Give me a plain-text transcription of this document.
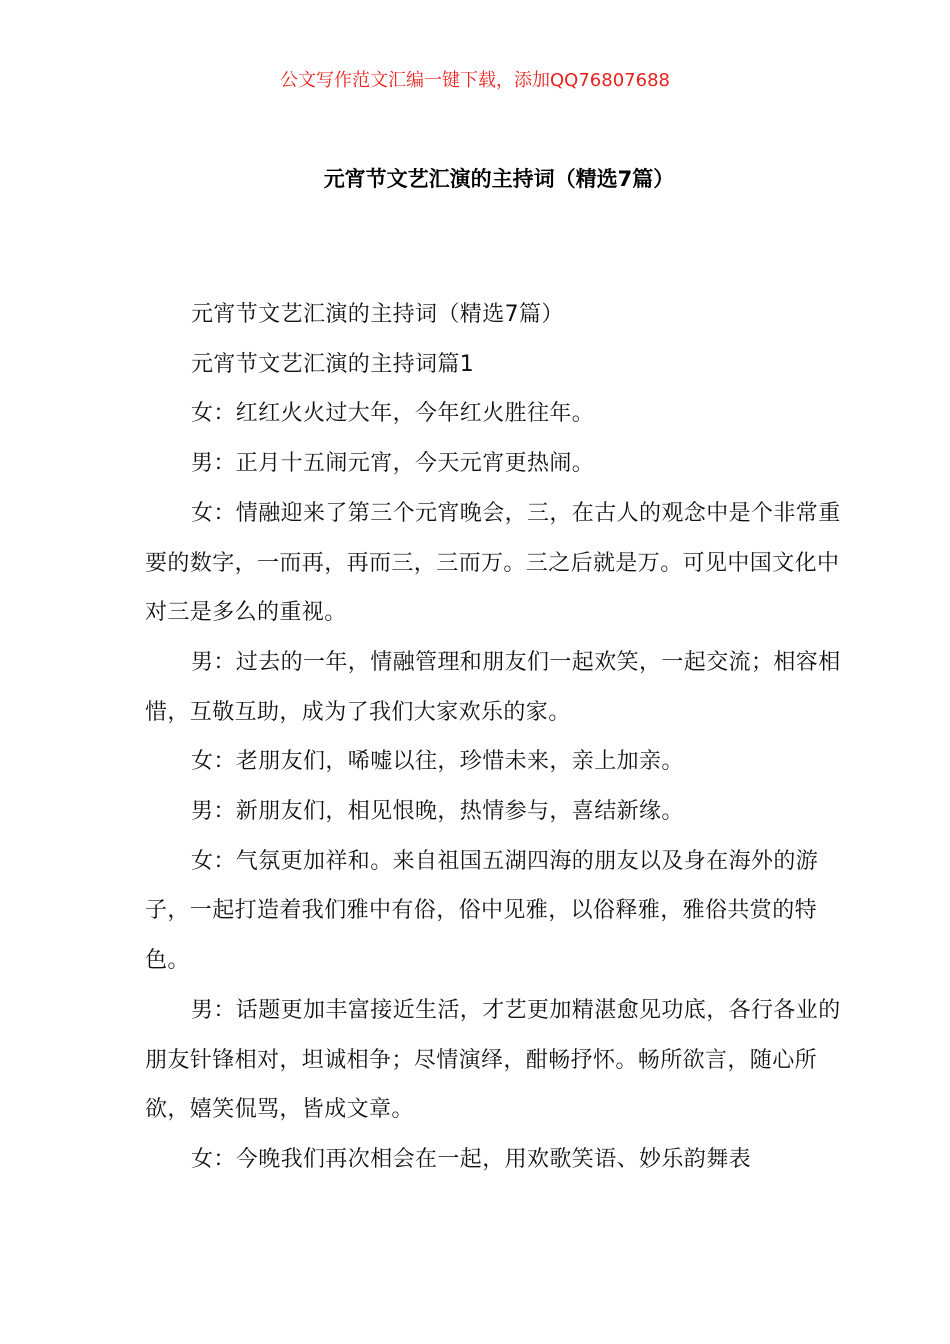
公文写作范文汇编一键下载，添加QQ76807688
元宵节文艺汇演的主持词（精选7篇）

元宵节文艺汇演的主持词（精选7篇）

元宵节文艺汇演的主持词篇1

女：红红火火过大年，今年红火胜往年。

男：正月十五闹元宵，今天元宵更热闹。

女：情融迎来了第三个元宵晚会，三，在古人的观念中是个非常重要的数字，一而再，再而三，三而万。三之后就是万。可见中国文化中对三是多么的重视。

男：过去的一年，情融管理和朋友们一起欢笑，一起交流；相容相惜，互敬互助，成为了我们大家欢乐的家。

女：老朋友们，唏嘘以往，珍惜未来，亲上加亲。

男：新朋友们，相见恨晚，热情参与，喜结新缘。

女：气氛更加祥和。来自祖国五湖四海的朋友以及身在海外的游子，一起打造着我们雅中有俗，俗中见雅，以俗释雅，雅俗共赏的特色。

男：话题更加丰富接近生活，才艺更加精湛愈见功底，各行各业的朋友针锋相对，坦诚相争；尽情演绎，酣畅抒怀。畅所欲言，随心所欲，嬉笑侃骂，皆成文章。

女：今晚我们再次相会在一起，用欢歌笑语、妙乐韵舞表
